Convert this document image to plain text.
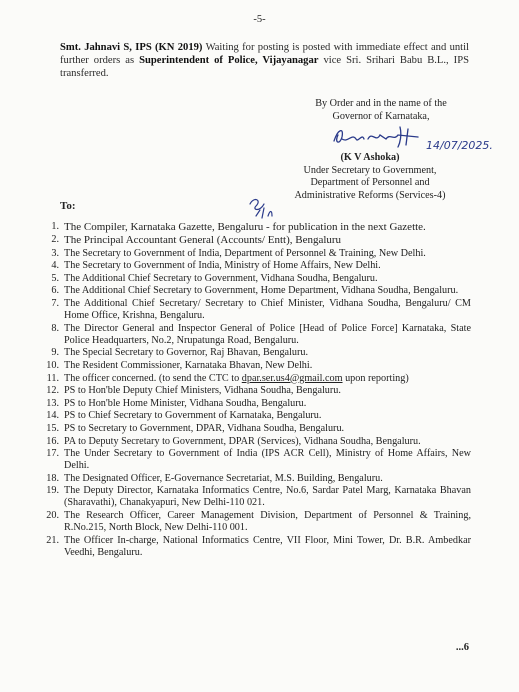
-5-
Smt. Jahnavi S, IPS (KN 2019) Waiting for posting is posted with immediate effect and until further orders as Superintendent of Police, Vijayanagar vice Sri. Srihari Babu B.L., IPS transferred.
By Order and in the name of the
Governor of Karnataka,
14/07/2025.
(K V Ashoka)
Under Secretary to Government,
Department of Personnel and
Administrative Reforms (Services-4)
To:
1. The Compiler, Karnataka Gazette, Bengaluru - for publication in the next Gazette.
2. The Principal Accountant General (Accounts/ Entt), Bengaluru
3. The Secretary to Government of India, Department of Personnel & Training, New Delhi.
4. The Secretary to Government of India, Ministry of Home Affairs, New Delhi.
5. The Additional Chief Secretary to Government, Vidhana Soudha, Bengaluru.
6. The Additional Chief Secretary to Government, Home Department, Vidhana Soudha, Bengaluru.
7. The Additional Chief Secretary/ Secretary to Chief Minister, Vidhana Soudha, Bengaluru/ CM Home Office, Krishna, Bengaluru.
8. The Director General and Inspector General of Police [Head of Police Force] Karnataka, State Police Headquarters, No.2, Nrupatunga Road, Bengaluru.
9. The Special Secretary to Governor, Raj Bhavan, Bengaluru.
10. The Resident Commissioner, Karnataka Bhavan, New Delhi.
11. The officer concerned. (to send the CTC to dpar.ser.us4@gmail.com upon reporting)
12. PS to Hon'ble Deputy Chief Ministers, Vidhana Soudha, Bengaluru.
13. PS to Hon'ble Home Minister, Vidhana Soudha, Bengaluru.
14. PS to Chief Secretary to Government of Karnataka, Bengaluru.
15. PS to Secretary to Government, DPAR, Vidhana Soudha, Bengaluru.
16. PA to Deputy Secretary to Government, DPAR (Services), Vidhana Soudha, Bengaluru.
17. The Under Secretary to Government of India (IPS ACR Cell), Ministry of Home Affairs, New Delhi.
18. The Designated Officer, E-Governance Secretariat, M.S. Building, Bengaluru.
19. The Deputy Director, Karnataka Informatics Centre, No.6, Sardar Patel Marg, Karnataka Bhavan (Sharavathi), Chanakyapuri, New Delhi-110 021.
20. The Research Officer, Career Management Division, Department of Personnel & Training, R.No.215, North Block, New Delhi-110 001.
21. The Officer In-charge, National Informatics Centre, VII Floor, Mini Tower, Dr. B.R. Ambedkar Veedhi, Bengaluru.
...6
